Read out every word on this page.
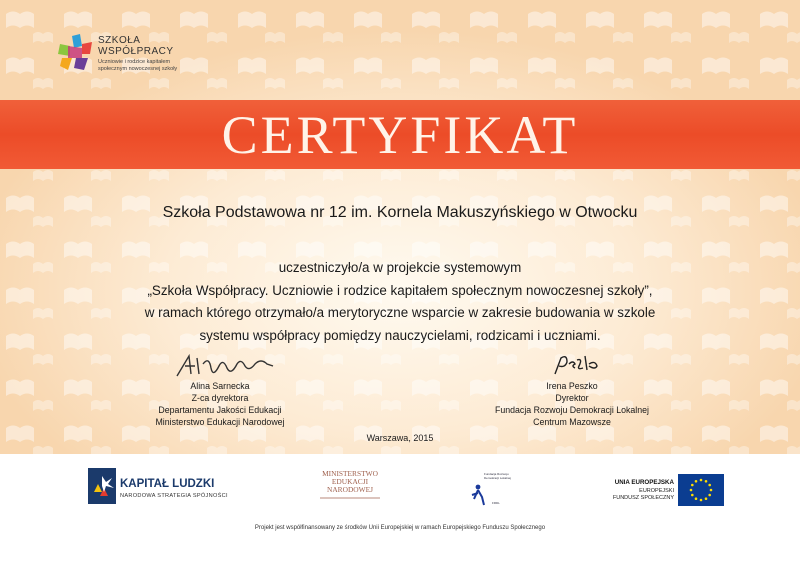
SZKOŁA
WSPÓŁPRACY
Uczniowie i rodzice kapitałem
społecznym nowoczesnej szkoły
CERTYFIKAT
Szkoła Podstawowa nr 12 im. Kornela Makuszyńskiego w Otwocku
uczestniczyło/a w projekcie systemowym
„Szkoła Współpracy. Uczniowie i rodzice kapitałem społecznym nowoczesnej szkoły”,
w ramach którego otrzymało/a merytoryczne wsparcie w zakresie budowania w szkole
systemu współpracy pomiędzy nauczycielami, rodzicami i uczniami.
Alina Sarnecka
Z-ca dyrektora
Departamentu Jakości Edukacji
Ministerstwo Edukacji Narodowej
Irena Peszko
Dyrektor
Fundacja Rozwoju Demokracji Lokalnej
Centrum Mazowsze
Warszawa, 2015
KAPITAŁ LUDZKI
NARODOWA STRATEGIA SPÓJNOŚCI
MINISTERSTWO
EDUKACJI
NARODOWEJ
Fundacja Rozwoju
Demokracji Lokalnej
FRDL
UNIA EUROPEJSKA
EUROPEJSKI
FUNDUSZ SPOŁECZNY
Projekt jest współfinansowany ze środków Unii Europejskiej w ramach Europejskiego Funduszu Społecznego
